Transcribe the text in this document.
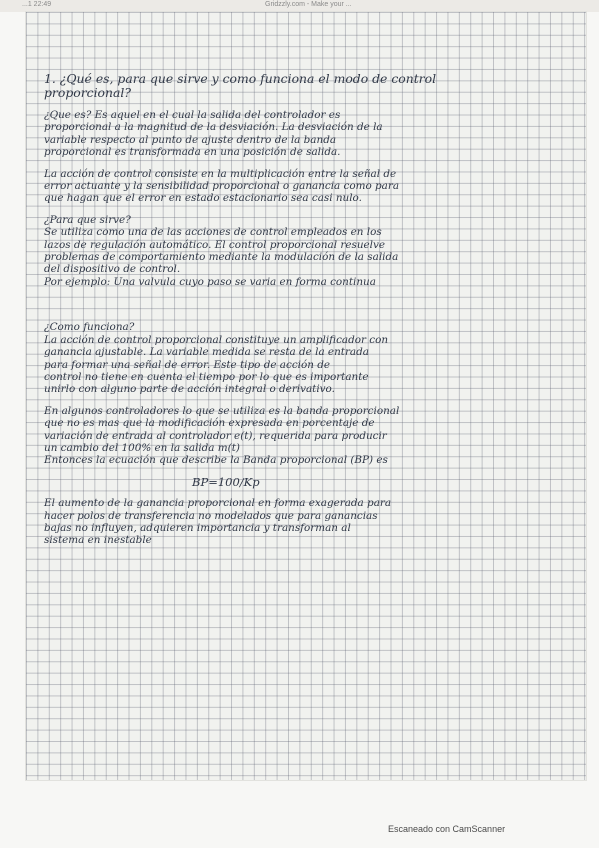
...1 22:49	Gridzzly.com - Make your ...

1. ¿Qué es, para que sirve y como funciona el modo de control

proporcional?

¿Que es? Es aquel en el cual la salida del controlador es

proporcional a la magnitud de la desviación. La desviación de la

variable respecto al punto de ajuste dentro de la banda

proporcional es transformada en una posición de salida.

La acción de control consiste en la multiplicación entre la señal de

error actuante y la sensibilidad proporcional o ganancia como para

que hagan que el error en estado estacionario sea casi nulo.

¿Para que sirve?

Se utiliza como una de las acciones de control empleados en los

lazos de regulación automático. El control proporcional resuelve

problemas de comportamiento mediante la modulación de la salida

del dispositivo de control.

Por ejemplo: Una valvula cuyo paso se varia en forma continua

¿Como funciona?

La acción de control proporcional constituye un amplificador con

ganancia ajustable. La variable medida se resta de la entrada

para formar una señal de error. Este tipo de acción de

control no tiene en cuenta el tiempo por lo que es importante

unirlo con alguno parte de acción integral o derivativo.

En algunos controladores lo que se utiliza es la banda proporcional

que no es mas que la modificación expresada en porcentaje de

variación de entrada al controlador e(t), requerida para producir

un cambio del 100% en la salida m(t)

Entonces la ecuación que describe la Banda proporcional (BP) es

BP=100/Kp

El aumento de la ganancia proporcional en forma exagerada para

hacer polos de transferencia no modelados que para ganancias

bajas no influyen, adquieren importancia y transforman al

sistema en inestable

Escaneado con CamScanner
